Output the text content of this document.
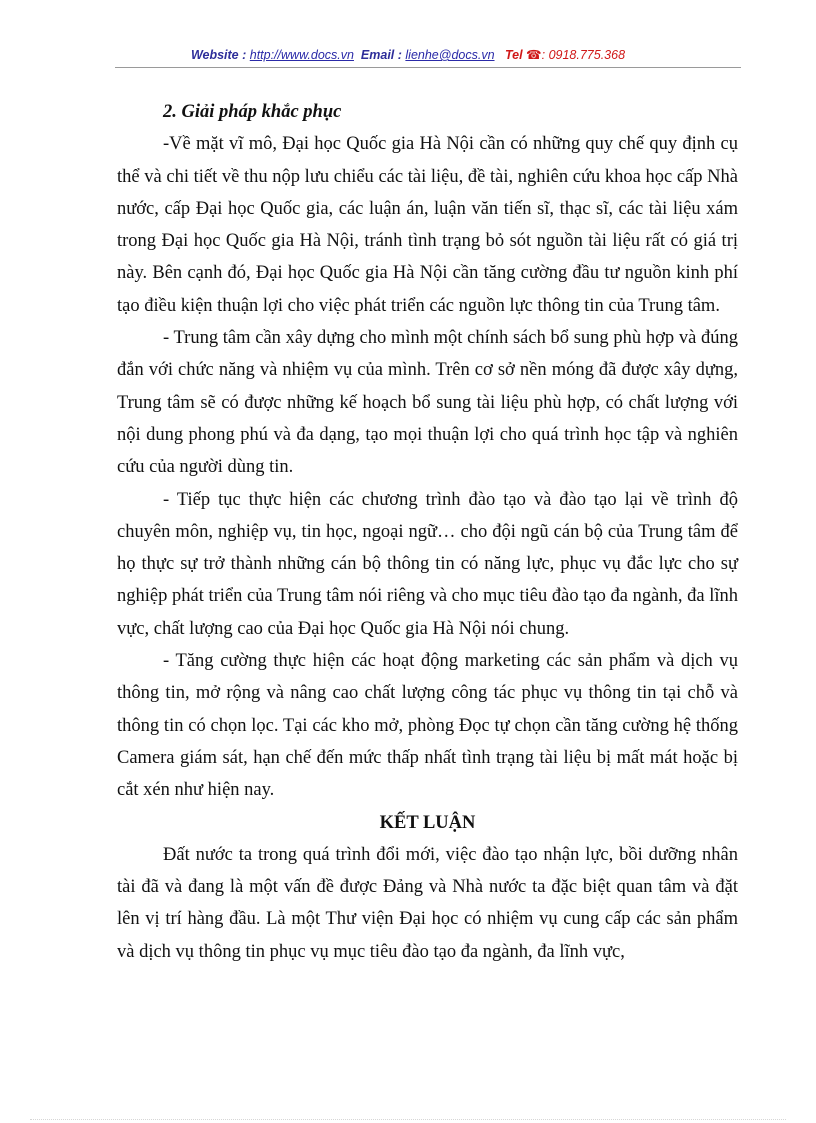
Website : http://www.docs.vn Email : lienhe@docs.vn Tel ☎: 0918.775.368

2. Giải pháp khắc phục

-Về mặt vĩ mô, Đại học Quốc gia Hà Nội cần có những quy chế quy định cụ thể và chi tiết về thu nộp lưu chiểu các tài liệu, đề tài, nghiên cứu khoa học cấp Nhà nước, cấp Đại học Quốc gia, các luận án, luận văn tiến sĩ, thạc sĩ, các tài liệu xám trong Đại học Quốc gia Hà Nội, tránh tình trạng bỏ sót nguồn tài liệu rất có giá trị này. Bên cạnh đó, Đại học Quốc gia Hà Nội cần tăng cường đầu tư nguồn kinh phí tạo điều kiện thuận lợi cho việc phát triển các nguồn lực thông tin của Trung tâm.

- Trung tâm cần xây dựng cho mình một chính sách bổ sung phù hợp và đúng đắn với chức năng và nhiệm vụ của mình. Trên cơ sở nền móng đã được xây dựng, Trung tâm sẽ có được những kế hoạch bổ sung tài liệu phù hợp, có chất lượng với nội dung phong phú và đa dạng, tạo mọi thuận lợi cho quá trình học tập và nghiên cứu của người dùng tin.

- Tiếp tục thực hiện các chương trình đào tạo và đào tạo lại về trình độ chuyên môn, nghiệp vụ, tin học, ngoại ngữ… cho đội ngũ cán bộ của Trung tâm để họ thực sự trở thành những cán bộ thông tin có năng lực, phục vụ đắc lực cho sự nghiệp phát triển của Trung tâm nói riêng và cho mục tiêu đào tạo đa ngành, đa lĩnh vực, chất lượng cao của Đại học Quốc gia Hà Nội nói chung.

- Tăng cường thực hiện các hoạt động marketing các sản phẩm và dịch vụ thông tin, mở rộng và nâng cao chất lượng công tác phục vụ thông tin tại chỗ và thông tin có chọn lọc. Tại các kho mở, phòng Đọc tự chọn cần tăng cường hệ thống Camera giám sát, hạn chế đến mức thấp nhất tình trạng tài liệu bị mất mát hoặc bị cắt xén như hiện nay.

KẾT LUẬN

Đất nước ta trong quá trình đổi mới, việc đào tạo nhận lực, bồi dưỡng nhân tài đã và đang là một vấn đề được Đảng và Nhà nước ta đặc biệt quan tâm và đặt lên vị trí hàng đầu. Là một Thư viện Đại học có nhiệm vụ cung cấp các sản phẩm và dịch vụ thông tin phục vụ mục tiêu đào tạo đa ngành, đa lĩnh vực,
